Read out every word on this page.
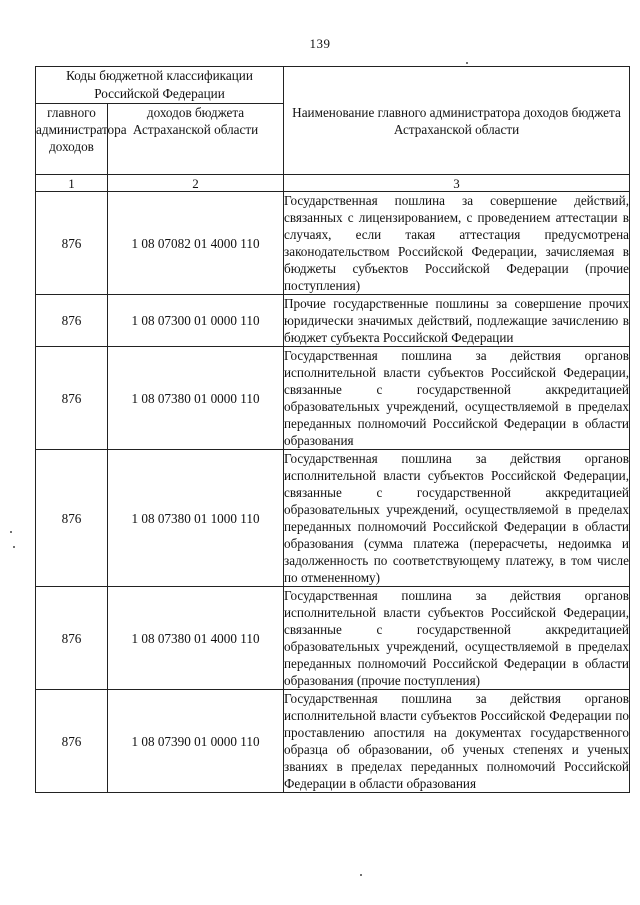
139
Коды бюджетной классификации Российской Федерации		Наименование главного администратора доходов бюджета Астраханской области
главного администратора доходов	доходов бюджета Астраханской области	
1	2	3
876	1 08 07082 01 4000 110	Государственная пошлина за совершение действий, связанных с лицензированием, с проведением аттестации в случаях, если такая аттестация предусмотрена законодательством Российской Федерации, зачисляемая в бюджеты субъектов Российской Федерации (прочие поступления)
876	1 08 07300 01 0000 110	Прочие государственные пошлины за совершение прочих юридически значимых действий, подлежащие зачислению в бюджет субъекта Российской Федерации
876	1 08 07380 01 0000 110	Государственная пошлина за действия органов исполнительной власти субъектов Российской Федерации, связанные с государственной аккредитацией образовательных учреждений, осуществляемой в пределах переданных полномочий Российской Федерации в области образования
876	1 08 07380 01 1000 110	Государственная пошлина за действия органов исполнительной власти субъектов Российской Федерации, связанные с государственной аккредитацией образовательных учреждений, осуществляемой в пределах переданных полномочий Российской Федерации в области образования (сумма платежа (перерасчеты, недоимка и задолженность по соответствующему платежу, в том числе по отмененному)
876	1 08 07380 01 4000 110	Государственная пошлина за действия органов исполнительной власти субъектов Российской Федерации, связанные с государственной аккредитацией образовательных учреждений, осуществляемой в пределах переданных полномочий Российской Федерации в области образования (прочие поступления)
876	1 08 07390 01 0000 110	Государственная пошлина за действия органов исполнительной власти субъектов Российской Федерации по проставлению апостиля на документах государственного образца об образовании, об ученых степенях и ученых званиях в пределах переданных полномочий Российской Федерации в области образования
